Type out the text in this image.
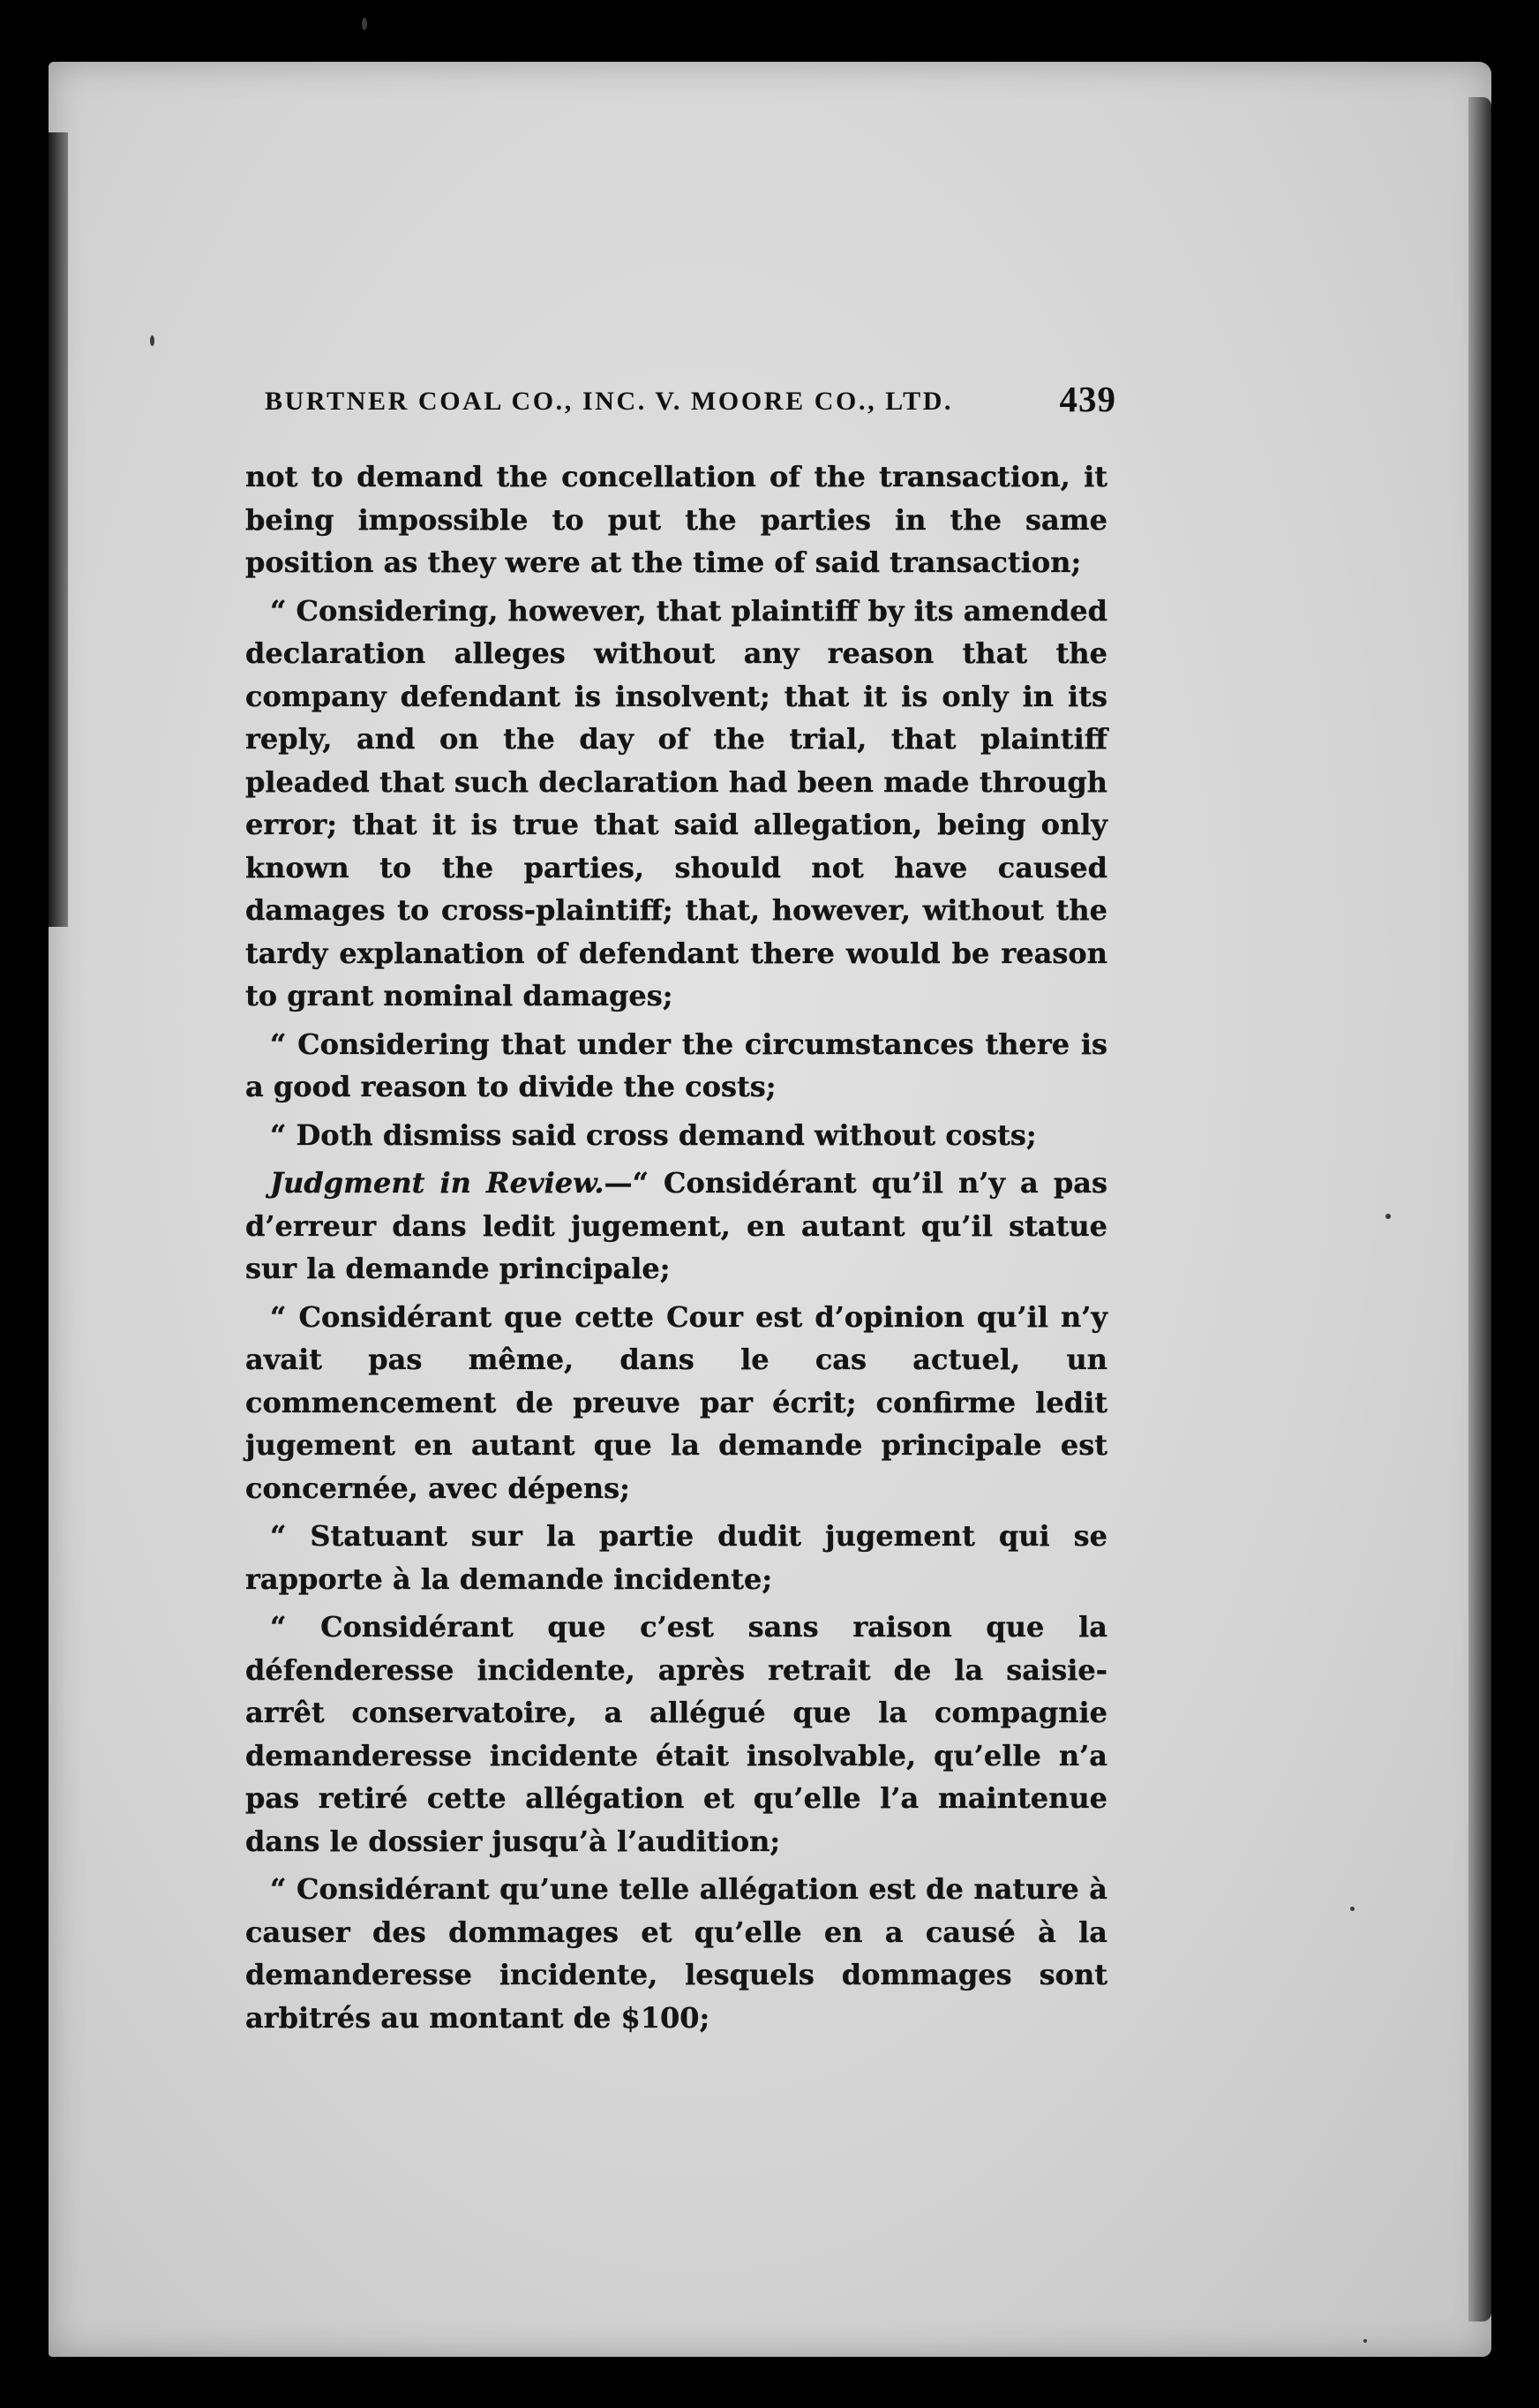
BURTNER COAL CO., INC. V. MOORE CO., LTD.	439

not to demand the concellation of the transaction, it being impossible to put the parties in the same position as they were at the time of said transaction;

“ Considering, however, that plaintiff by its amended declaration alleges without any reason that the company defendant is insolvent; that it is only in its reply, and on the day of the trial, that plaintiff pleaded that such declaration had been made through error; that it is true that said allegation, being only known to the parties, should not have caused damages to cross-plaintiff; that, however, without the tardy explanation of defendant there would be reason to grant nominal damages;

“ Considering that under the circumstances there is a good reason to divide the costs;

“ Doth dismiss said cross demand without costs;

Judgment in Review.—“ Considérant qu’il n’y a pas d’erreur dans ledit jugement, en autant qu’il statue sur la demande principale;

“ Considérant que cette Cour est d’opinion qu’il n’y avait pas même, dans le cas actuel, un commencement de preuve par écrit; confirme ledit jugement en autant que la demande principale est concernée, avec dépens;

“ Statuant sur la partie dudit jugement qui se rapporte à la demande incidente;

“ Considérant que c’est sans raison que la défenderesse incidente, après retrait de la saisie-arrêt conservatoire, a allégué que la compagnie demanderesse incidente était insolvable, qu’elle n’a pas retiré cette allégation et qu’elle l’a maintenue dans le dossier jusqu’à l’audition;

“ Considérant qu’une telle allégation est de nature à causer des dommages et qu’elle en a causé à la demanderesse incidente, lesquels dommages sont arbitrés au montant de $100;
